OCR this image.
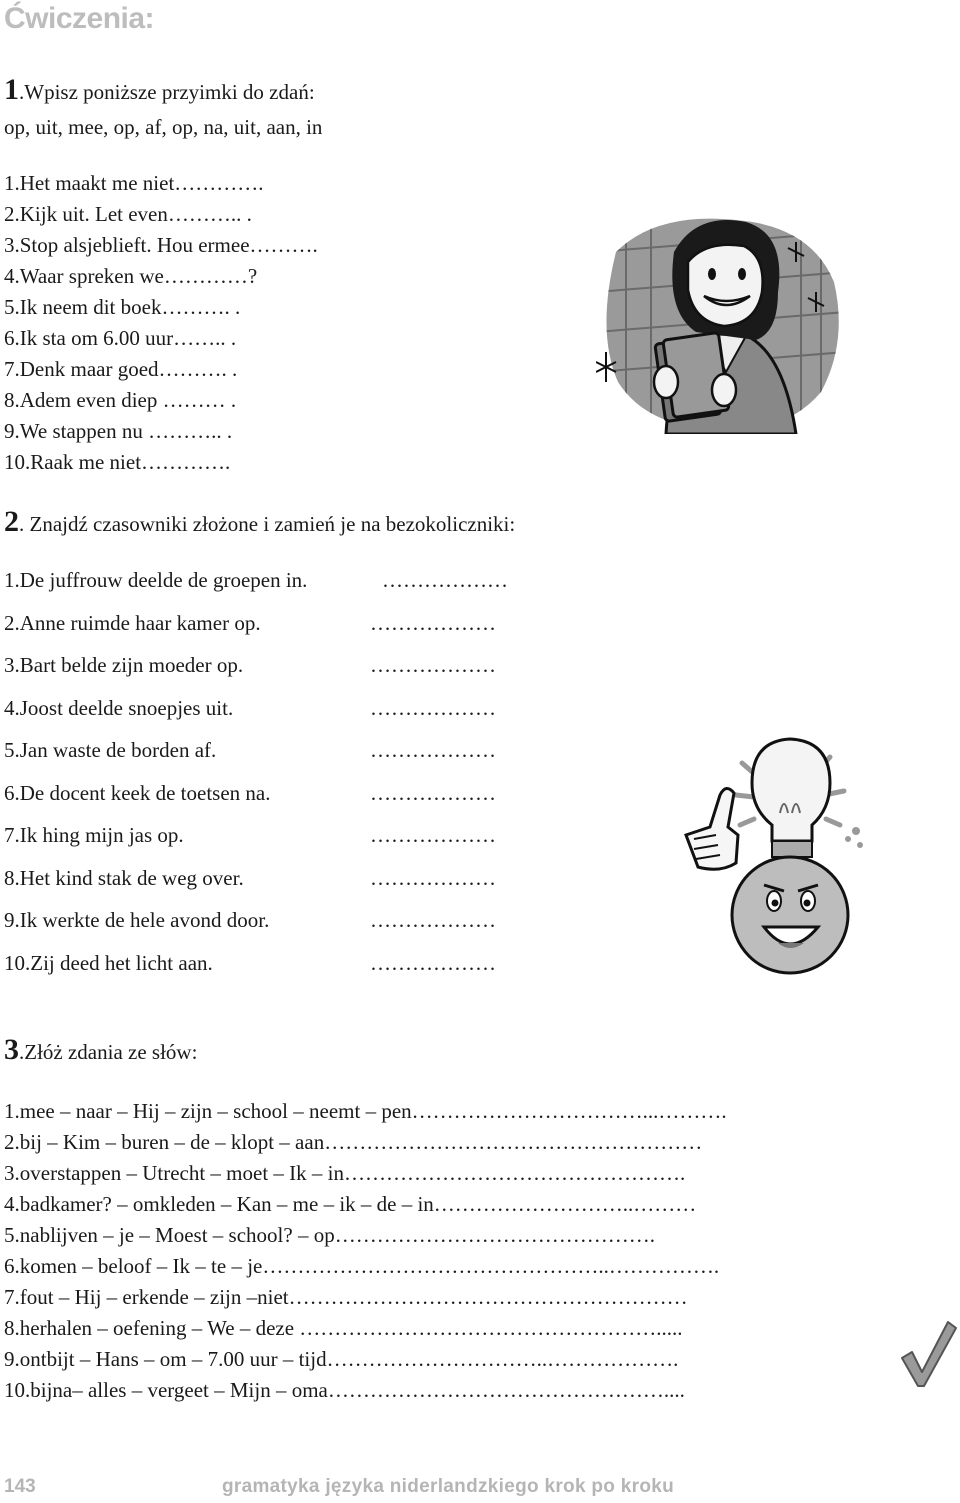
Ćwiczenia:
1.Wpisz poniższe przyimki do zdań:
op, uit, mee, op, af, op, na, uit, aan, in
1.Het maakt me niet………….
2.Kijk uit. Let even……….. .
3.Stop alsjeblieft. Hou ermee……….
4.Waar spreken we…………?
5.Ik neem dit boek………. .
6.Ik sta om 6.00 uur…….. .
7.Denk maar goed………. .
8.Adem even diep ……… .
9.We stappen nu ……….. .
10.Raak me niet………….
2. Znajdź czasowniki złożone i zamień je na bezokoliczniki:
1.De juffrouw deelde de groepen in.	………………
2.Anne ruimde haar kamer op.	………………
3.Bart belde zijn moeder op.	………………
4.Joost deelde snoepjes uit.	………………
5.Jan waste de borden af.	………………
6.De docent keek de toetsen na.	………………
7.Ik hing mijn jas op.	………………
8.Het kind stak de weg over.	………………
9.Ik werkte de hele avond door.	………………
10.Zij deed het licht aan.	………………
3.Złóż zdania ze słów:
1.mee – naar – Hij – zijn – school – neemt – pen……………………………...……….
2.bij – Kim – buren – de – klopt – aan………………………………………………
3.overstappen – Utrecht – moet – Ik – in………………………………………….
4.badkamer? – omkleden – Kan – me – ik – de – in………………………..………
5.nablijven – je – Moest – school? – op……………………………………….
6.komen – beloof – Ik – te – je…………………………………………..…………….
7.fout – Hij – erkende – zijn –niet…………………………………………………
8.herhalen – oefening – We – deze …………………………………………….....
9.ontbijt – Hans – om – 7.00 uur – tijd…………………………..……………….
10.bijna– alles – vergeet – Mijn – oma…………………………………………....
143	gramatyka języka niderlandzkiego krok po kroku
